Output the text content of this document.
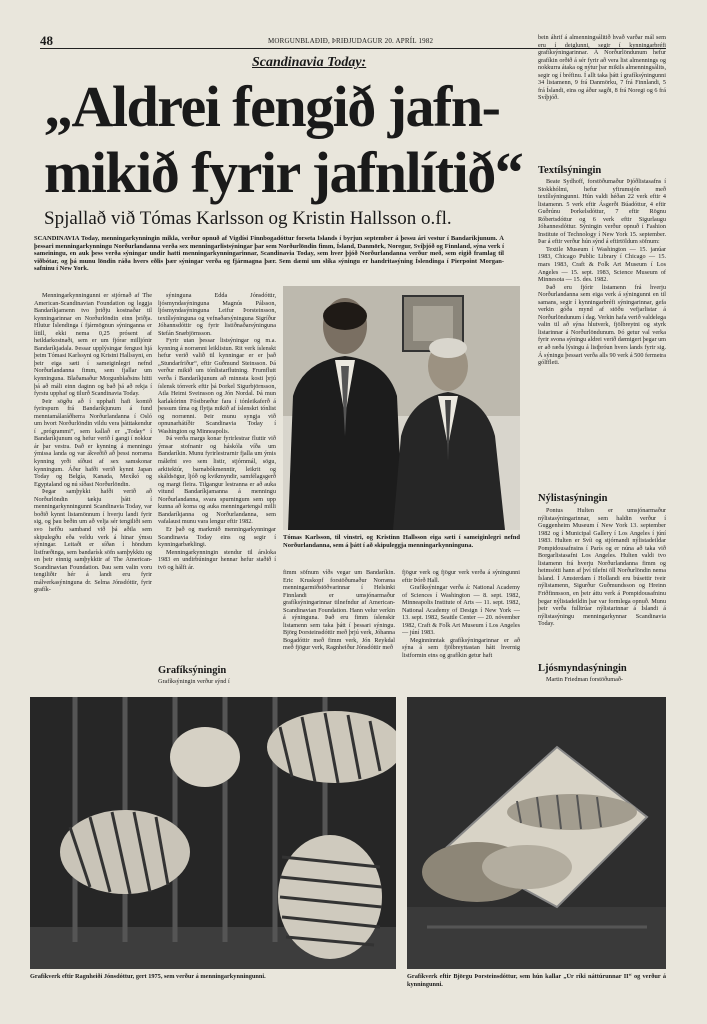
48	MORGUNBLAÐIÐ, ÞRIÐJUDAGUR 20. APRÍL 1982
Scandinavia Today:
„Aldrei fengið jafn-
mikið fyrir jafnlítið“
Spjallað við Tómas Karlsson og Kristin Hallsson o.fl.
SCANDINAVIA Today, menningarkynningin mikla, verður opnuð af Vigdísi Finnbogadóttur forseta Íslands í byrjun september á þessu ári vestur í Bandaríkjunum. Á þessari menningarkynningu Norðurlandanna verða sex menningarlistsýningar þar sem Norðurlöndin fimm, Ísland, Danmörk, Noregur, Svíþjóð og Finnland, sýna verk í sameiningu, en auk þess verða sýningar undir hatti menningarkynningarinnar, Scandinavia Today, sem hver þjóð Norðurlandanna verður með, sem eigið framlag til viðbótar, og þá munu löndin ráða hvers eðlis þær sýningar verða og fjármagna þær. Sem dæmi um slíka sýningu er handritasýning Íslendinga í Pierpoint Morgan-safninu í New York.

Menningarkynningunni er stjórnað af The American-Scandinavian Foundation og leggja Bandaríkjamenn tvo þriðju kostnaðar til kynningarinnar en Norðurlöndin einn þriðja. Hlutur Íslendinga í fjármögnun sýninganna er lítill, ekki nema 0,25 prósent af heildarkostnaði, sem er um fjórar milljónir Bandaríkjadala. Þessar upplýsingar fengust hjá þeim Tómasi Karlssyni og Kristni Hallssyni, en þeir eiga sæti í sameiginlegri nefnd Norðurlandanna fimm, sem fjallar um kynninguna. Blaðamaður Morgunblaðsins hitti þá að máli einn daginn og bað þá að rekja í fyrstu upphaf og tilurð Scandinavia Today.

Þeir sögðu að í upphafi hafi komið fyrirspurn frá Bandaríkjunum á fund menntamálaráðherra Norðurlandanna í Osló um hvort Norðurlöndin vildu vera þátttakendur í „prógrammi“, sem kallað er „Today“ í Bandaríkjunum og hefur verið í gangi í nokkur ár þar vestra. Það er kynning á menningu ýmissa landa og var ákveðið að þessi norræna kynning yrði síðust af sex samskonar kynningum. Áður hafði verið kynnt Japan Today og Belgía, Kanada, Mexíkó og Egyptaland og nú síðast Norðurlöndin.

Þegar samþykkt hafði verið að Norðurlöndin tækju þátt í menningarkynningunni Scandinavia Today, var boðið kynnt listamönnum í hverju landi fyrir sig, og þau beðin um að velja sér tengiliði sem svo hefðu samband við þá aðila sem skipulegðu eða veldu verk á hinar ýmsu sýningar. Leitaði er síðan í höndum listfræðinga, sem bandarísk söfn samþykktu og en þeir einnig samþykktir af The American-Scandinavian Foundation. Þau sem valin voru tengiliðir hér á landi eru fyrir málverkasýninguna dr. Selma Jónsdóttir, fyrir grafík-

sýninguna Edda Jónsdóttir, ljósmyndasýninguna Magnús Pálsson, ljósmyndasýninguna Leifur Þorsteinsson, textílsýninguna og vefnaðarsýninguna Sigríður Jóhannsdóttir og fyrir listiðnaðarsýninguna Stefán Snæbjörnsson.

Fyrir utan þessar listsýningar og m.a. kynning á norrænni leiklistun. Rit verk íslenskt hefur verið valið til kynningar er er það „Stundarfriður“, eftir Guðmund Steinsson. Þá verður mikið um tónlistarflutning. Frumflutt verða í Bandaríkjunum að minnsta kosti þrjú íslensk tónverk eftir þá Þorkel Sigurbjörnsson, Atla Heimi Sveinsson og Jón Nordal. Þá mun karlakórinn Fóstbræður fara í tónleikaferð á þessum tíma og flytja mikið af íslenskri tónlist og norrænni. Þeir munu syngja við opnunarhátíðir Scandinavia Today í Washington og Minneapolis.

Þá verða margs konar fyrirlestrar fluttir við ýmsar stofnanir og háskóla víða um Bandaríkin. Munu fyrirlestrarnir fjalla um ýmis málefni svo sem listir, stjórnmál, sögu, arkitektúr, barnabókmenntir, leikrit og skáldsögur, ljóð og kvikmyndir, samfélagsgerð og margt fleira. Tilgangur lestranna er að auka vitund Bandaríkjamanna á menningu Norðurlandanna, svara spurningum sem upp kunna að koma og auka menningartengsl milli Bandaríkjanna og Norðurlandanna, sem vafalaust munu vara lengur eftir 1982.

Er það og markmið menningarkynningar Scandinavia Today eins og segir í kynningarbæklingi.

Menningarkynningin stendur til ársloka 1983 en undirbúningur hennar hefur staðið í tvö og hálft ár.

Grafíksýningin
Grafíksýningin verður sýnd í
Tómas Karlsson, til vinstri, og Kristinn Hallsson eiga sæti í sameiginlegri nefnd Norðurlandanna, sem á þátt í að skipuleggja menningarkynninguna.

fimm söfnum víðs vegar um Bandaríkin. Eric Kruskopf forstöðumaður Norræna menningarmiðstöðvarinnar í Helsinki Finnlandi er umsjónarmaður grafíksýningarinnar tilnefndur af American-Scandinavian Foundation. Hann velur verkin á sýninguna. Það eru fimm íslenskir listamenn sem taka þátt í þessari sýningu. Björg Þorsteinsdóttir með þrjú verk, Jóhanna Bogadóttir með fimm verk, Jón Reykdal með fjögur verk, Ragnheiður Jónsdóttir með

fjögur verk og fjögur verk verða á sýningunni eftir Þórð Hall.

Grafíksýningar verða á: National Academy of Sciences í Washington — 8. sept. 1982, Minneapolis Institute of Arts — 11. sept. 1982, National Academy of Design í New York — 13. sept. 1982, Seattle Center — 20. nóvember 1982, Craft & Folk Art Museum í Los Angeles — júní 1983.

Meginninntak grafíksýningarinnar er að sýna á sem fjölbreyttastan hátt hvernig listformin eins og grafíkin getur haft

bein áhrif á almenningsálitið hvað varðar mál sem eru í deiglunni, segir í kynningarbréfi grafíksýningarinnar. Á Norðurlöndunum hefur grafíkin orðið á sér fyrir að vera list almennings og nokkurra átaka og nýtur þar mikils almenningsálits, segir og í bréfinu. Í allt taka þátt í grafíksýningunni 34 listamenn, 9 frá Danmörku, 7 frá Finnlandi, 5 frá Íslandi, eins og áður sagði, 8 frá Noregi og 6 frá Svíþjóð.

Textílsýningin

Beate Sydhoff, forstöðumaður Þjóðlistasafns í Stokkhólmi, hefur yfirumsjón með textílsýningunni. Hún valdi héðan 22 verk eftir 4 listamenn. 5 verk eftir Ásgerði Búadóttur, 4 eftir Guðrúnu Þorkelsdóttur, 7 eftir Rögnu Róbertsdóttur og 6 verk eftir Sigurlaugu Jóhannesdóttur. Sýningin verður opnuð í Fashion Institute of Technology í New York 15. september. Þar á eftir verður hún sýnd á eftirtöldum söfnum:

Textile Museum í Washington — 15. janúar 1983, Chicago Public Library í Chicago — 15. mars 1983, Craft & Folk Art Museum í Los Angeles — 15. sept. 1983, Science Museum of Minnesota — 15. des. 1982.

Það eru fjórir listamenn frá hverju Norðurlandanna sem eiga verk á sýningunni en til samans, segir í kynningarbréfi sýningarinnar, gefa verkin góða mynd af stöðu vefjarlistar á Norðurlöndunum í dag. Verkin hafa verið valdelega valin til að sýna hlutverk, fjölbreytni og styrk listarinnar á Norðurlöndunum. Þó getur val verka fyrir svona sýningu aldrei verið dæmigert þegar um er að ræða lýsingu á listþróun hvers lands fyrir sig. Á sýningu þessari verða alls 90 verk á 500 fermetra gólffleti.

Nýlistasýningin

Pontus Hulten er umsjónarmaður nýlistasýningarinnar, sem haldin verður í Guggenheim Museum í New York 13. september 1982 og í Municipal Gallery í Los Angeles í júní 1983. Hulten er Svíi og stjórnandi nýlistadeildar Pompidousafnsins í París og er núna að taka við Borgarlistasafni Los Angeles. Hulten valdi tvo listamenn frá hverju Norðurlandanna fimm og heimsótti hann af því tilefni öll Norðurlöndin nema Ísland. Í Amsterdam í Hollandi eru búsettir tveir nýlistamenn, Sigurður Guðmundsson og Hreinn Friðfinnsson, en þeir áttu verk á Pompidousafninu þegar nýlistadeildin þar var formlega opnuð. Munu þeir verða fulltrúar nýlistarinnar á Íslandi á nýlistasýningu menningarkynnar Scandinavia Today.

Ljósmyndasýningin
Martin Friedman forstöðumað-
Grafíkverk eftir Ragnheiði Jónsdóttur, gert 1975, sem verður á menningarkynningunni.	Grafíkverk eftir Björgu Þorsteinsdóttur, sem hún kallar „Úr ríki náttúrunnar II“ og verður á kynningunni.
